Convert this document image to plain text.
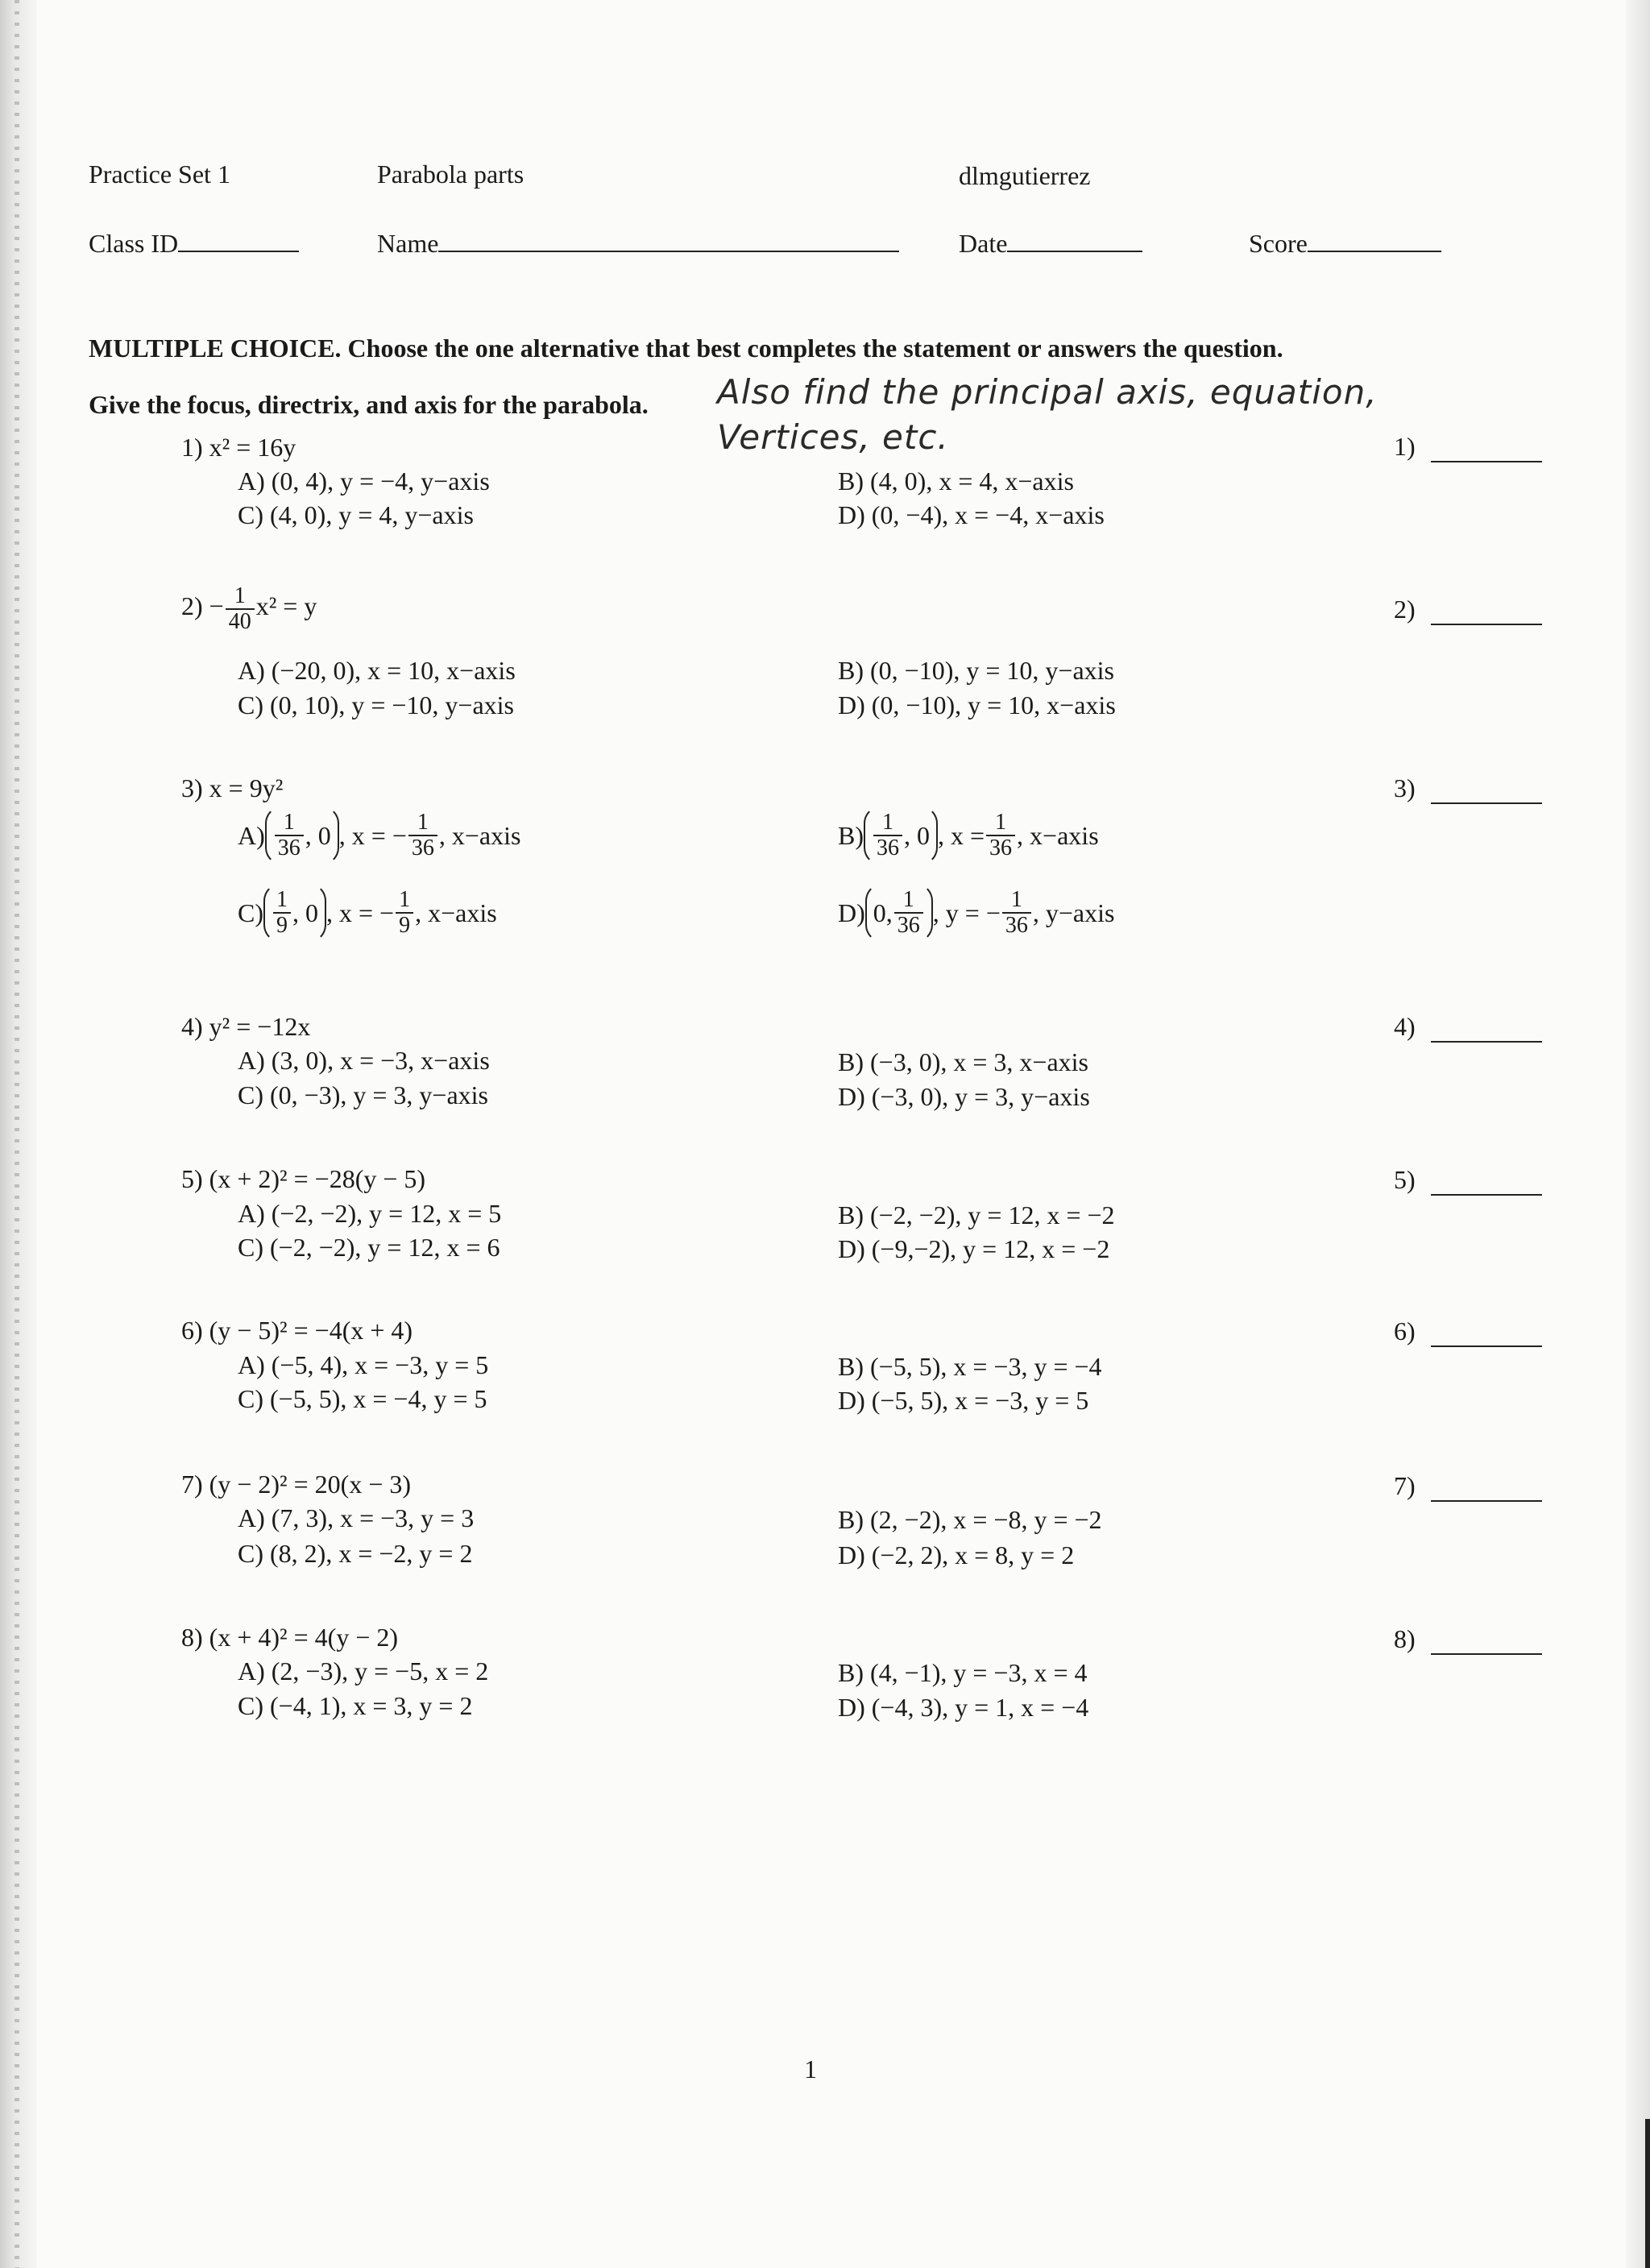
Practice Set 1	Parabola parts	dlmgutierrez
Class ID	Name	Date	Score
MULTIPLE CHOICE. Choose the one alternative that best completes the statement or answers the question.
Give the focus, directrix, and axis for the parabola. Also find the principal axis, equation,
Vertices, etc.
1) x² = 16y
A) (0, 4), y = −4, y−axis	B) (4, 0), x = 4, x−axis
C) (4, 0), y = 4, y−axis	D) (0, −4), x = −4, x−axis
1)
$2) - \frac{1}{40} x^2 = y$
A) (−20, 0), x = 10, x−axis	B) (0, −10), y = 10, y−axis
C) (0, 10), y = −10, y−axis	D) (0, −10), y = 10, x−axis
2)
3) x = 9y²
$A) \frac{1}{36}$ , 0 , x = − $\frac{1}{36}$ , x−axis	$B) \frac{1}{36}$ , 0 , $x = \frac{1}{36}$ , x−axis
$C) \frac{1}{9}$ , 0 , x = − $\frac{1}{9}$ , x−axis	D) 0, $\frac{1}{36}$ , y = − $\frac{1}{36}$ , y−axis
3)
4) y² = −12x
A) (3, 0), x = −3, x−axis	B) (−3, 0), x = 3, x−axis
C) (0, −3), y = 3, y−axis	D) (−3, 0), y = 3, y−axis
4)
5) (x + 2)² = −28(y − 5)
A) (−2, −2), y = 12, x = 5	B) (−2, −2), y = 12, x = −2
C) (−2, −2), y = 12, x = 6	D) (−9,−2), y = 12, x = −2
5)
6) (y − 5)² = −4(x + 4)
A) (−5, 4), x = −3, y = 5	B) (−5, 5), x = −3, y = −4
C) (−5, 5), x = −4, y = 5	D) (−5, 5), x = −3, y = 5
6)
7) (y − 2)² = 20(x − 3)
A) (7, 3), x = −3, y = 3	B) (2, −2), x = −8, y = −2
C) (8, 2), x = −2, y = 2	D) (−2, 2), x = 8, y = 2
7)
8) (x + 4)² = 4(y − 2)
A) (2, −3), y = −5, x = 2	B) (4, −1), y = −3, x = 4
C) (−4, 1), x = 3, y = 2	D) (−4, 3), y = 1, x = −4
8)
1
